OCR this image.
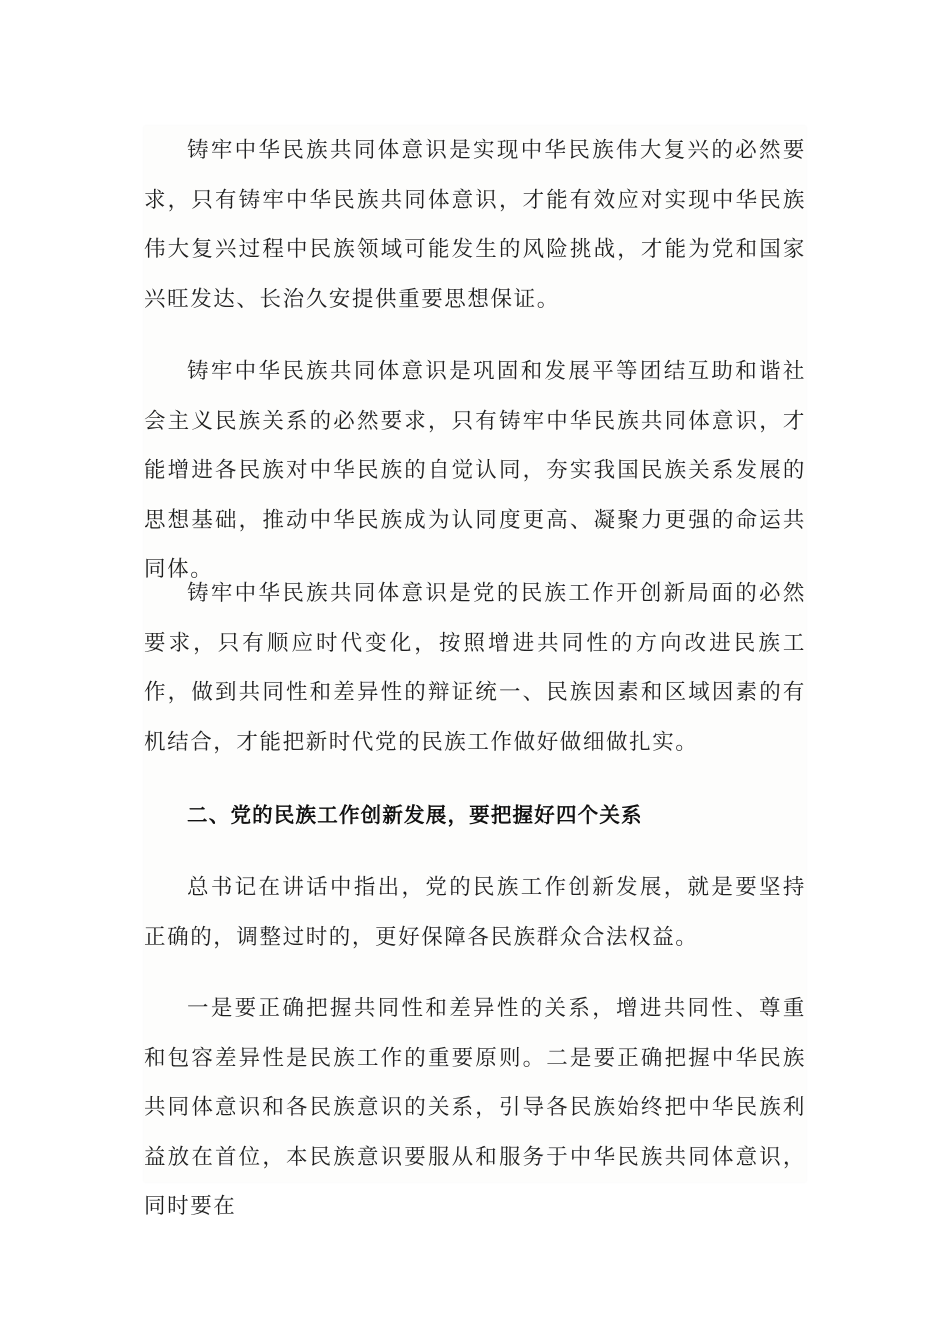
铸牢中华民族共同体意识是实现中华民族伟大复兴的必然要求，只有铸牢中华民族共同体意识，才能有效应对实现中华民族伟大复兴过程中民族领域可能发生的风险挑战，才能为党和国家兴旺发达、长治久安提供重要思想保证。

铸牢中华民族共同体意识是巩固和发展平等团结互助和谐社会主义民族关系的必然要求，只有铸牢中华民族共同体意识，才能增进各民族对中华民族的自觉认同，夯实我国民族关系发展的思想基础，推动中华民族成为认同度更高、凝聚力更强的命运共同体。

铸牢中华民族共同体意识是党的民族工作开创新局面的必然要求，只有顺应时代变化，按照增进共同性的方向改进民族工作，做到共同性和差异性的辩证统一、民族因素和区域因素的有机结合，才能把新时代党的民族工作做好做细做扎实。

二、党的民族工作创新发展，要把握好四个关系

总书记在讲话中指出，党的民族工作创新发展，就是要坚持正确的，调整过时的，更好保障各民族群众合法权益。

一是要正确把握共同性和差异性的关系，增进共同性、尊重和包容差异性是民族工作的重要原则。二是要正确把握中华民族共同体意识和各民族意识的关系，引导各民族始终把中华民族利益放在首位，本民族意识要服从和服务于中华民族共同体意识，同时要在
